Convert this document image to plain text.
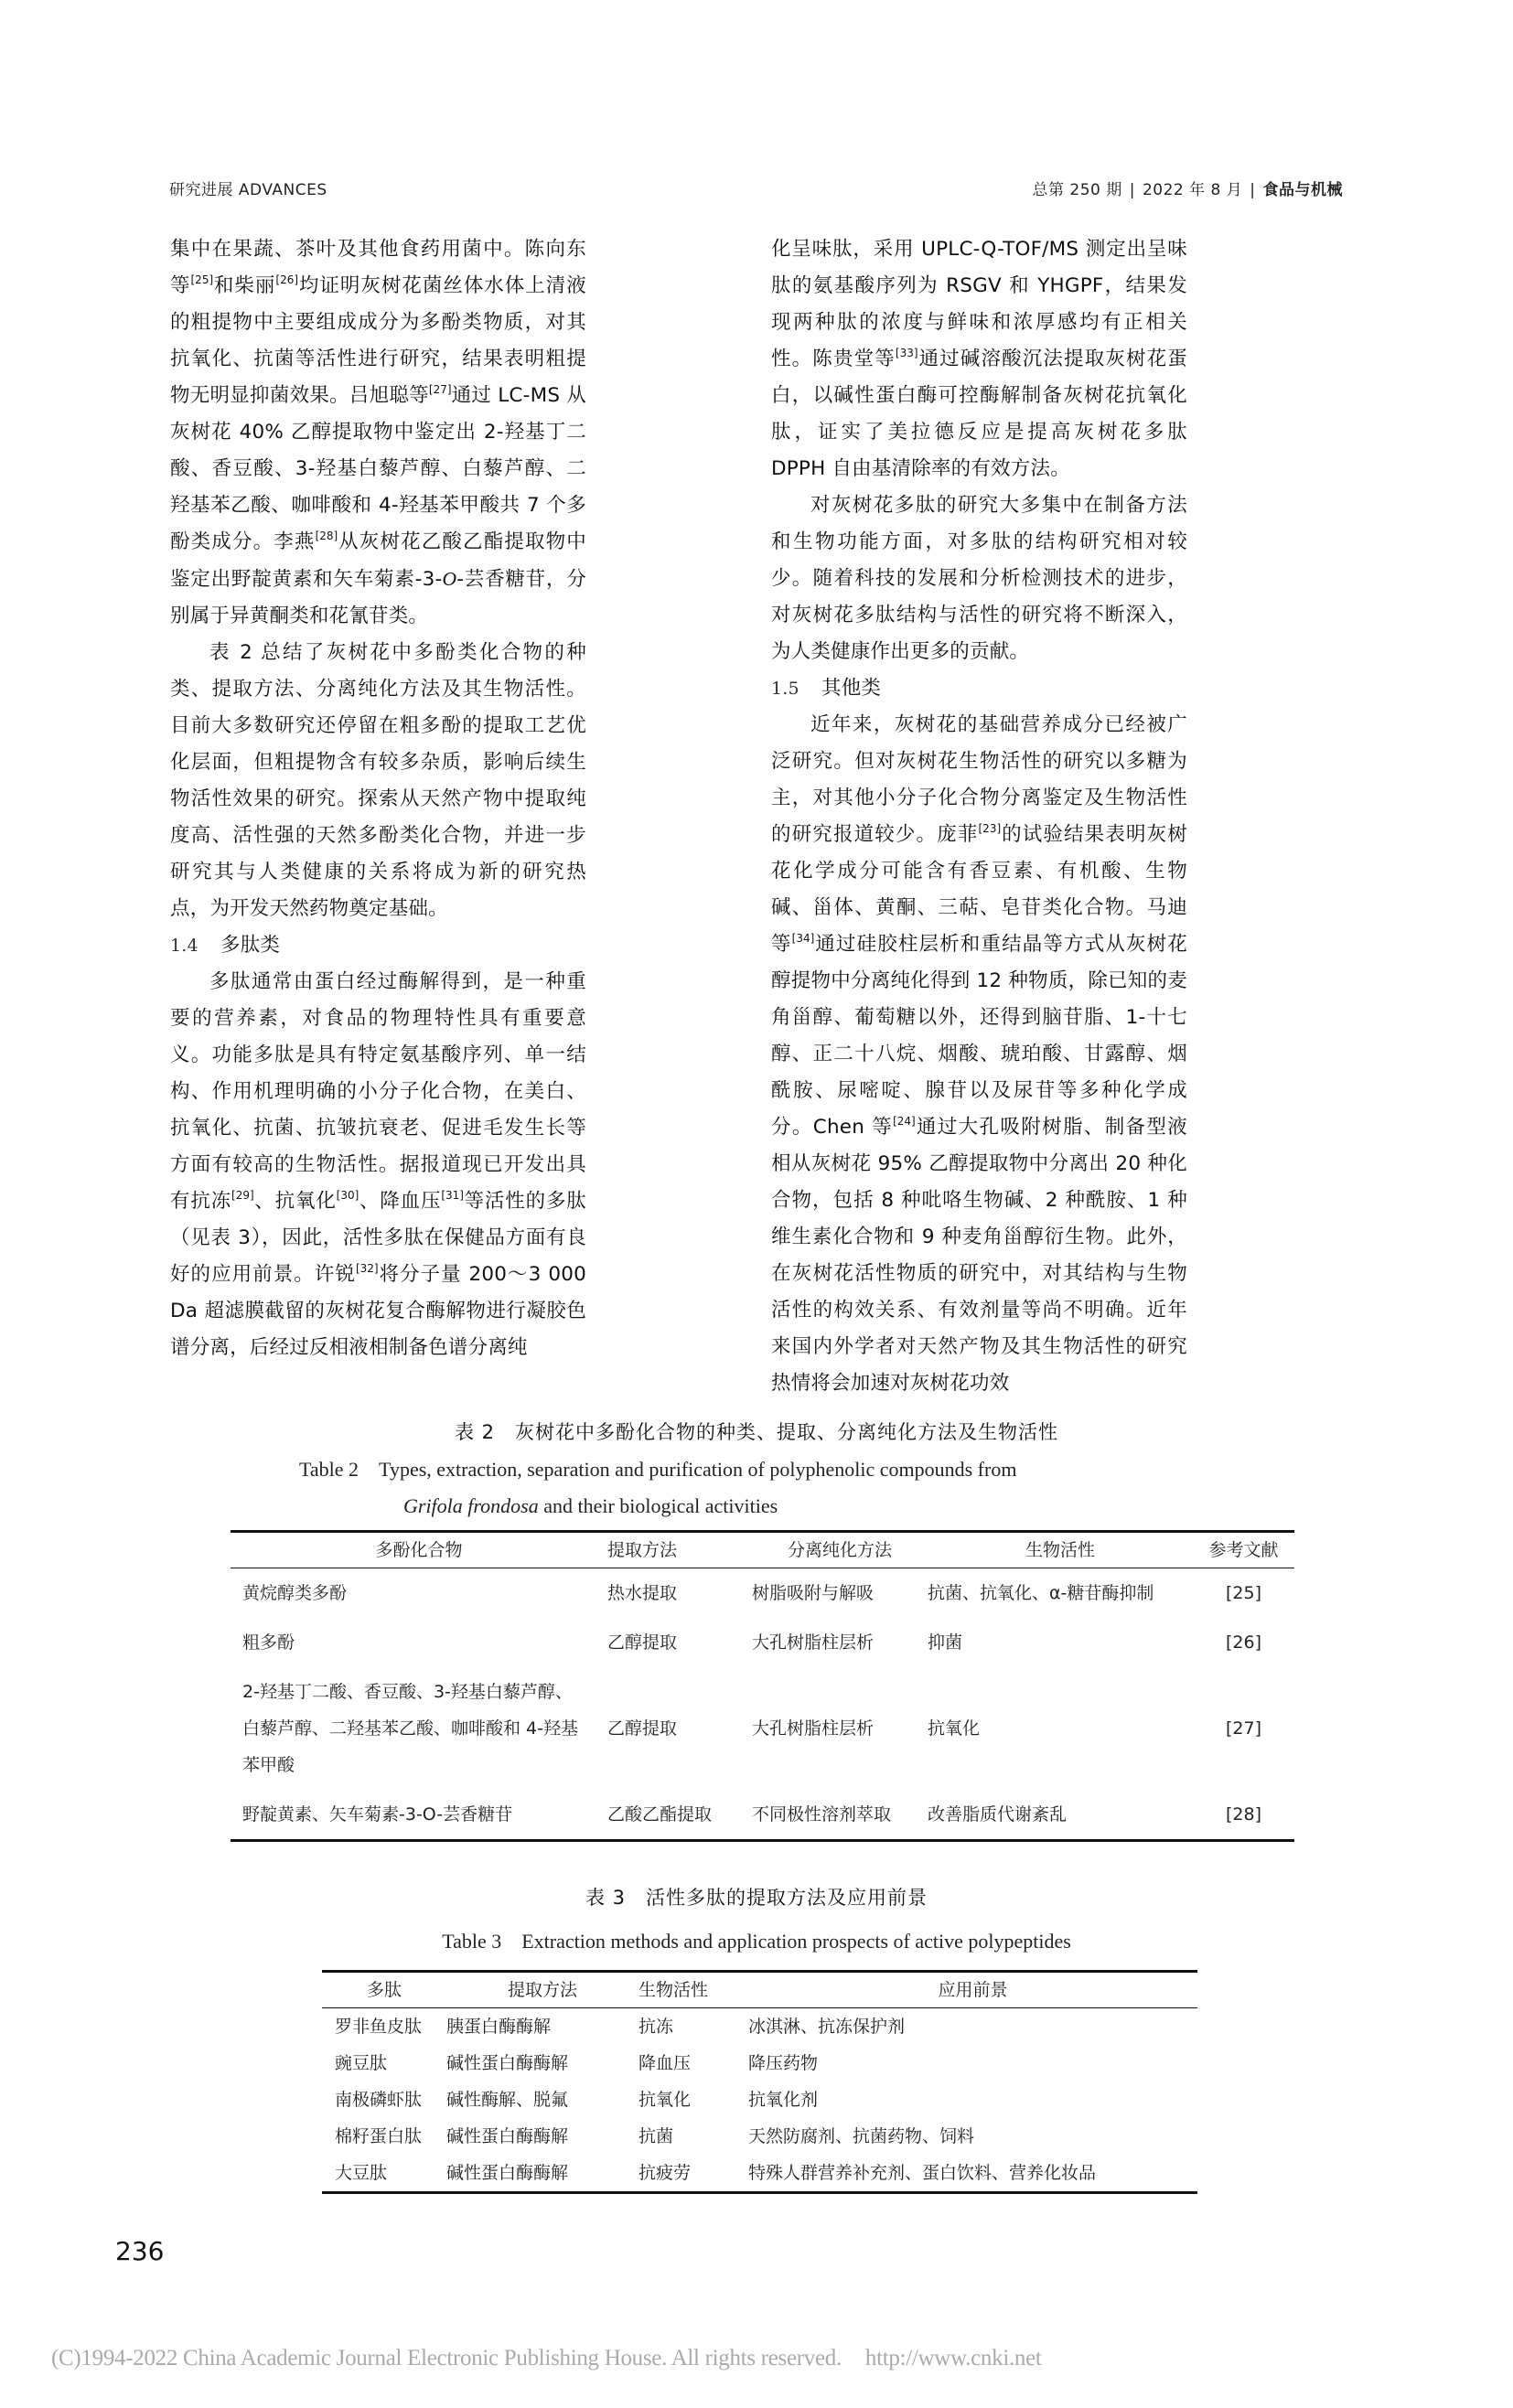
研究进展 ADVANCES	总第 250 期 | 2022 年 8 月 | 食品与机械

集中在果蔬、茶叶及其他食药用菌中。陈向东等[25]和柴丽[26]均证明灰树花菌丝体水体上清液的粗提物中主要组成成分为多酚类物质，对其抗氧化、抗菌等活性进行研究，结果表明粗提物无明显抑菌效果。吕旭聪等[27]通过 LC-MS 从灰树花 40% 乙醇提取物中鉴定出 2-羟基丁二酸、香豆酸、3-羟基白藜芦醇、白藜芦醇、二羟基苯乙酸、咖啡酸和 4-羟基苯甲酸共 7 个多酚类成分。李燕[28]从灰树花乙酸乙酯提取物中鉴定出野靛黄素和矢车菊素-3-O-芸香糖苷，分别属于异黄酮类和花氰苷类。

表 2 总结了灰树花中多酚类化合物的种类、提取方法、分离纯化方法及其生物活性。目前大多数研究还停留在粗多酚的提取工艺优化层面，但粗提物含有较多杂质，影响后续生物活性效果的研究。探索从天然产物中提取纯度高、活性强的天然多酚类化合物，并进一步研究其与人类健康的关系将成为新的研究热点，为开发天然药物奠定基础。

1.4 多肽类

多肽通常由蛋白经过酶解得到，是一种重要的营养素，对食品的物理特性具有重要意义。功能多肽是具有特定氨基酸序列、单一结构、作用机理明确的小分子化合物，在美白、抗氧化、抗菌、抗皱抗衰老、促进毛发生长等方面有较高的生物活性。据报道现已开发出具有抗冻[29]、抗氧化[30]、降血压[31]等活性的多肽（见表 3），因此，活性多肽在保健品方面有良好的应用前景。许锐[32]将分子量 200～3 000 Da 超滤膜截留的灰树花复合酶解物进行凝胶色谱分离，后经过反相液相制备色谱分离纯

化呈味肽，采用 UPLC-Q-TOF/MS 测定出呈味肽的氨基酸序列为 RSGV 和 YHGPF，结果发现两种肽的浓度与鲜味和浓厚感均有正相关性。陈贵堂等[33]通过碱溶酸沉法提取灰树花蛋白，以碱性蛋白酶可控酶解制备灰树花抗氧化肽，证实了美拉德反应是提高灰树花多肽 DPPH 自由基清除率的有效方法。

对灰树花多肽的研究大多集中在制备方法和生物功能方面，对多肽的结构研究相对较少。随着科技的发展和分析检测技术的进步，对灰树花多肽结构与活性的研究将不断深入，为人类健康作出更多的贡献。

1.5 其他类

近年来，灰树花的基础营养成分已经被广泛研究。但对灰树花生物活性的研究以多糖为主，对其他小分子化合物分离鉴定及生物活性的研究报道较少。庞菲[23]的试验结果表明灰树花化学成分可能含有香豆素、有机酸、生物碱、甾体、黄酮、三萜、皂苷类化合物。马迪等[34]通过硅胶柱层析和重结晶等方式从灰树花醇提物中分离纯化得到 12 种物质，除已知的麦角甾醇、葡萄糖以外，还得到脑苷脂、1-十七醇、正二十八烷、烟酸、琥珀酸、甘露醇、烟酰胺、尿嘧啶、腺苷以及尿苷等多种化学成分。Chen 等[24]通过大孔吸附树脂、制备型液相从灰树花 95% 乙醇提取物中分离出 20 种化合物，包括 8 种吡咯生物碱、2 种酰胺、1 种维生素化合物和 9 种麦角甾醇衍生物。此外，在灰树花活性物质的研究中，对其结构与生物活性的构效关系、有效剂量等尚不明确。近年来国内外学者对天然产物及其生物活性的研究热情将会加速对灰树花功效

表 2　灰树花中多酚化合物的种类、提取、分离纯化方法及生物活性
Table 2 Types, extraction, separation and purification of polyphenolic compounds from
Grifola frondosa and their biological activities
多酚化合物	提取方法	分离纯化方法	生物活性	参考文献
黄烷醇类多酚	热水提取	树脂吸附与解吸	抗菌、抗氧化、α-糖苷酶抑制	[25]
粗多酚	乙醇提取	大孔树脂柱层析	抑菌	[26]
2-羟基丁二酸、香豆酸、3-羟基白藜芦醇、白藜芦醇、二羟基苯乙酸、咖啡酸和 4-羟基苯甲酸	乙醇提取	大孔树脂柱层析	抗氧化	[27]
野靛黄素、矢车菊素-3-O-芸香糖苷	乙酸乙酯提取	不同极性溶剂萃取	改善脂质代谢紊乱	[28]
表 3　活性多肽的提取方法及应用前景
Table 3 Extraction methods and application prospects of active polypeptides
多肽	提取方法	生物活性	应用前景
罗非鱼皮肽	胰蛋白酶酶解	抗冻	冰淇淋、抗冻保护剂
豌豆肽	碱性蛋白酶酶解	降血压	降压药物
南极磷虾肽	碱性酶解、脱氟	抗氧化	抗氧化剂
棉籽蛋白肽	碱性蛋白酶酶解	抗菌	天然防腐剂、抗菌药物、饲料
大豆肽	碱性蛋白酶酶解	抗疲劳	特殊人群营养补充剂、蛋白饮料、营养化妆品
236
(C)1994-2022 China Academic Journal Electronic Publishing House. All rights reserved. http://www.cnki.net
